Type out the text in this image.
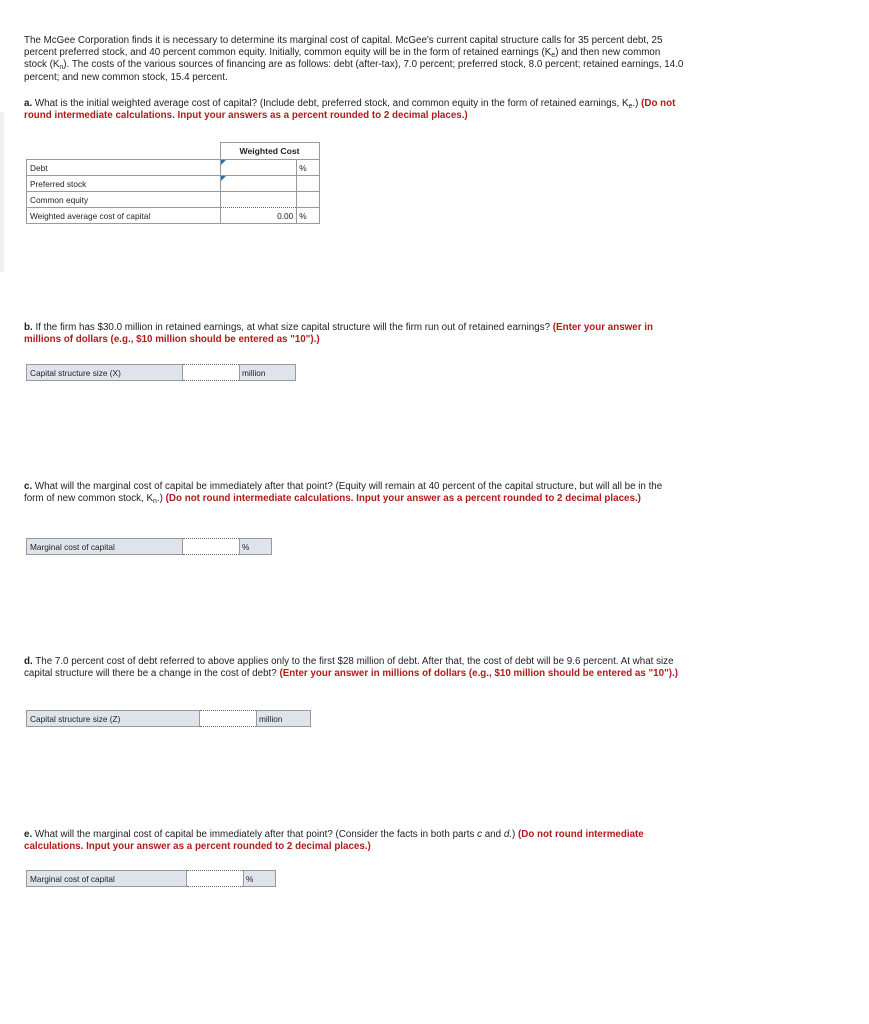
The McGee Corporation finds it is necessary to determine its marginal cost of capital. McGee's current capital structure calls for 35 percent debt, 25 percent preferred stock, and 40 percent common equity. Initially, common equity will be in the form of retained earnings $(K_e)$ and then new common stock $(K_n)$. The costs of the various sources of financing are as follows: debt (after-tax), 7.0 percent; preferred stock, 8.0 percent; retained earnings, 14.0 percent; and new common stock, 15.4 percent.
a. What is the initial weighted average cost of capital? (Include debt, preferred stock, and common equity in the form of retained earnings, $K_e$.) (Do not round intermediate calculations. Input your answers as a percent rounded to 2 decimal places.)
	Weighted Cost	
Debt		%
Preferred stock	

Common equity		
Weighted average cost of capital	0.00	%
b. If the firm has $30.0 million in retained earnings, at what size capital structure will the firm run out of retained earnings? (Enter your answer in millions of dollars (e.g., $10 million should be entered as "10").)
Capital structure size (X)		million
c. What will the marginal cost of capital be immediately after that point? (Equity will remain at 40 percent of the capital structure, but will all be in the form of new common stock, $K_n$.) (Do not round intermediate calculations. Input your answer as a percent rounded to 2 decimal places.)
Marginal cost of capital		%
d. The 7.0 percent cost of debt referred to above applies only to the first $28 million of debt. After that, the cost of debt will be 9.6 percent. At what size capital structure will there be a change in the cost of debt? (Enter your answer in millions of dollars (e.g., $10 million should be entered as "10").)
Capital structure size (Z)		million
e. What will the marginal cost of capital be immediately after that point? (Consider the facts in both parts c and d.) (Do not round intermediate calculations. Input your answer as a percent rounded to 2 decimal places.)
Marginal cost of capital		%
